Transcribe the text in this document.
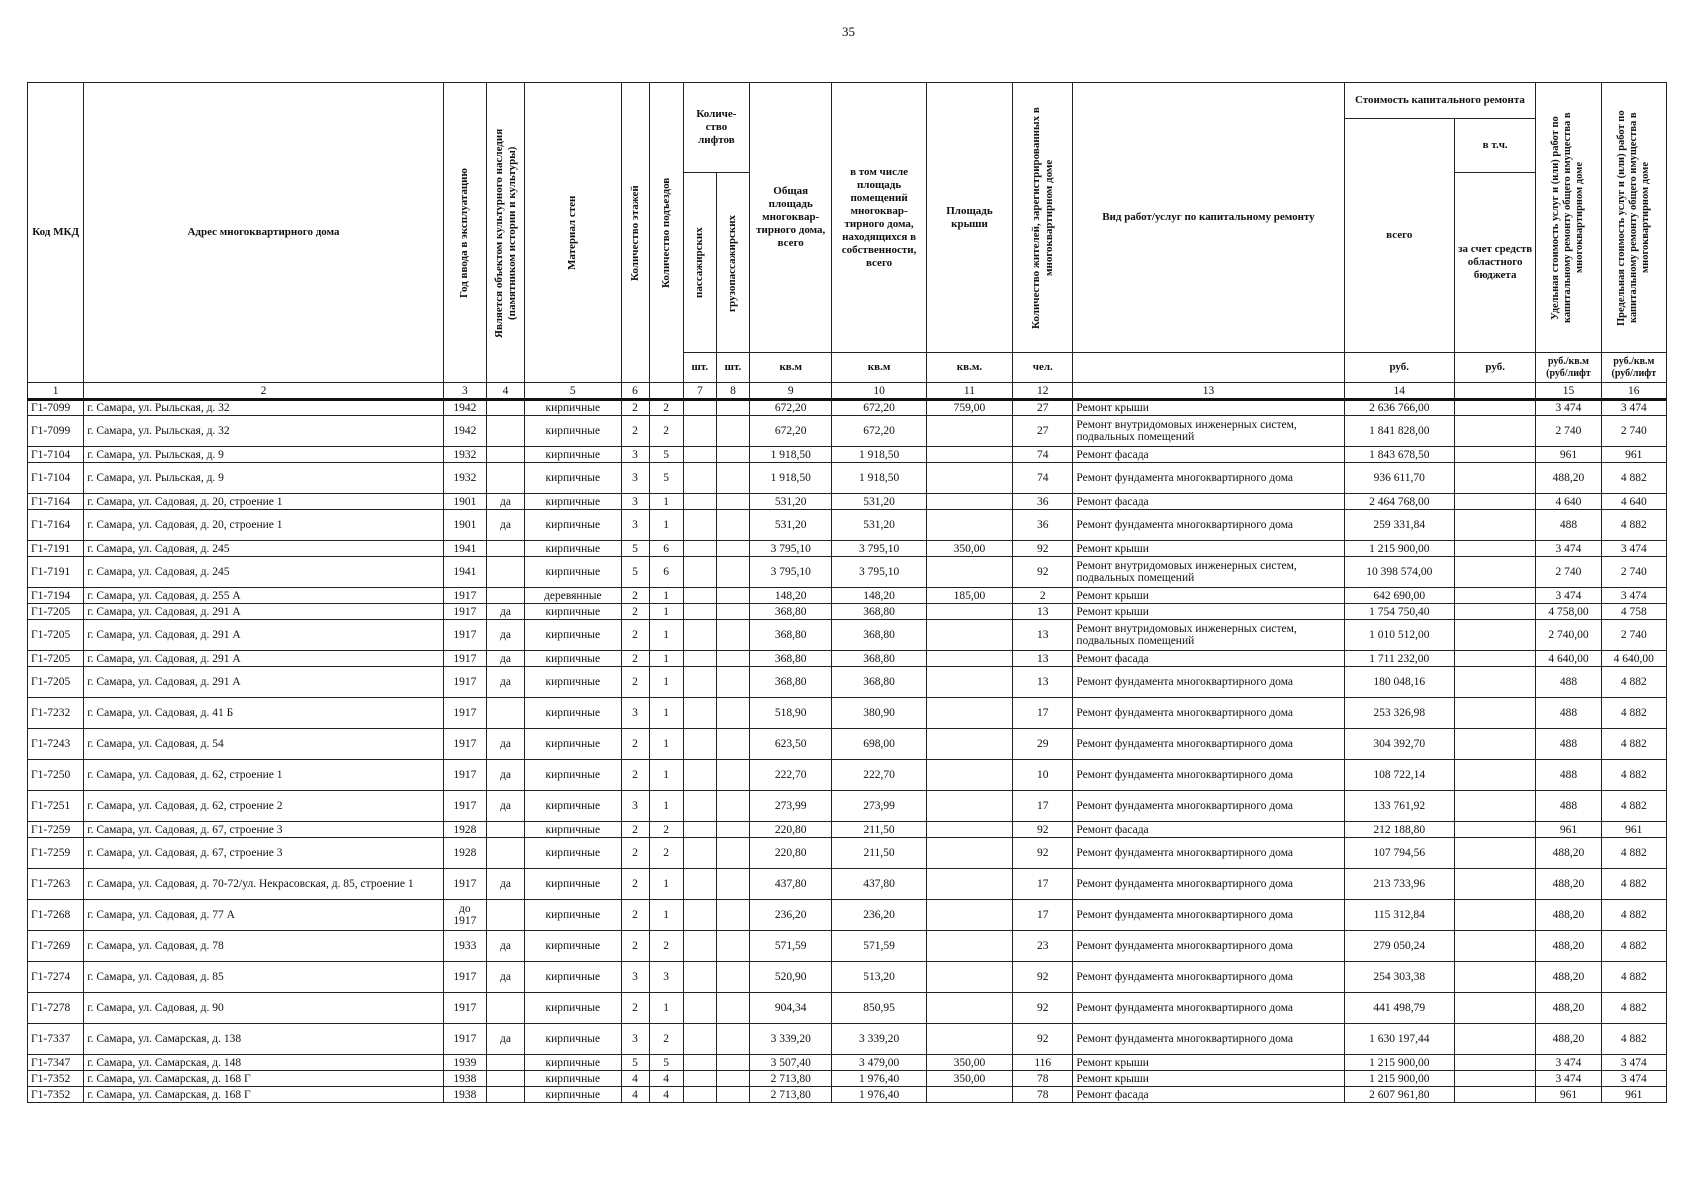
35
Код МКД	Адрес многоквартирного дома	Год ввода в эксплуатацию	Является объектом культурного наследия (памятником истории и культуры)	Материал стен	Количество этажей	Количество подъездов	Количе-ство лифтов		Общая площадь многоквар-тирного дома, всего	в том числе площадь помещений многоквар-тирного дома, находящихся в собственности, всего	Площадь крыши	Количество жителей, зарегистрированных в многоквартирном доме	Вид работ/услуг по капитальному ремонту	Стоимость капитального ремонта		Удельная стоимость услуг и (или) работ по капитальному ремонту общего имущества в многоквартирном доме	Предельная стоимость услуг и (или) работ по капитальному ремонту общего имущества в многоквартирном доме

														всего	в т.ч.		

							пассажирских	грузопассажирских							за счет средств областного бюджета		
							шт.	шт.	кв.м	кв.м	кв.м.	чел.		руб.	руб.	руб./кв.м (руб/лифт	руб./кв.м (руб/лифт
1	2	3	4	5	6		7	8	9	10	11	12	13	14		15	16
Г1-7099	г. Самара, ул. Рыльская, д. 32	1942		кирпичные	2	2			672,20	672,20	759,00	27	Ремонт крыши	2 636 766,00		3 474	3 474
Г1-7099	г. Самара, ул. Рыльская, д. 32	1942		кирпичные	2	2			672,20	672,20		27	Ремонт внутридомовых инженерных систем, подвальных помещений	1 841 828,00		2 740	2 740
Г1-7104	г. Самара, ул. Рыльская, д. 9	1932		кирпичные	3	5			1 918,50	1 918,50		74	Ремонт фасада	1 843 678,50		961	961
Г1-7104	г. Самара, ул. Рыльская, д. 9	1932		кирпичные	3	5			1 918,50	1 918,50		74	Ремонт фундамента многоквартирного дома	936 611,70		488,20	4 882
Г1-7164	г. Самара, ул. Садовая, д. 20, строение 1	1901	да	кирпичные	3	1			531,20	531,20		36	Ремонт фасада	2 464 768,00		4 640	4 640
Г1-7164	г. Самара, ул. Садовая, д. 20, строение 1	1901	да	кирпичные	3	1			531,20	531,20		36	Ремонт фундамента многоквартирного дома	259 331,84		488	4 882
Г1-7191	г. Самара, ул. Садовая, д. 245	1941		кирпичные	5	6			3 795,10	3 795,10	350,00	92	Ремонт крыши	1 215 900,00		3 474	3 474
Г1-7191	г. Самара, ул. Садовая, д. 245	1941		кирпичные	5	6			3 795,10	3 795,10		92	Ремонт внутридомовых инженерных систем, подвальных помещений	10 398 574,00		2 740	2 740
Г1-7194	г. Самара, ул. Садовая, д. 255 А	1917		деревянные	2	1			148,20	148,20	185,00	2	Ремонт крыши	642 690,00		3 474	3 474
Г1-7205	г. Самара, ул. Садовая, д. 291 А	1917	да	кирпичные	2	1			368,80	368,80		13	Ремонт крыши	1 754 750,40		4 758,00	4 758
Г1-7205	г. Самара, ул. Садовая, д. 291 А	1917	да	кирпичные	2	1			368,80	368,80		13	Ремонт внутридомовых инженерных систем, подвальных помещений	1 010 512,00		2 740,00	2 740
Г1-7205	г. Самара, ул. Садовая, д. 291 А	1917	да	кирпичные	2	1			368,80	368,80		13	Ремонт фасада	1 711 232,00		4 640,00	4 640,00
Г1-7205	г. Самара, ул. Садовая, д. 291 А	1917	да	кирпичные	2	1			368,80	368,80		13	Ремонт фундамента многоквартирного дома	180 048,16		488	4 882
Г1-7232	г. Самара, ул. Садовая, д. 41 Б	1917		кирпичные	3	1			518,90	380,90		17	Ремонт фундамента многоквартирного дома	253 326,98		488	4 882
Г1-7243	г. Самара, ул. Садовая, д. 54	1917	да	кирпичные	2	1			623,50	698,00		29	Ремонт фундамента многоквартирного дома	304 392,70		488	4 882
Г1-7250	г. Самара, ул. Садовая, д. 62, строение 1	1917	да	кирпичные	2	1			222,70	222,70		10	Ремонт фундамента многоквартирного дома	108 722,14		488	4 882
Г1-7251	г. Самара, ул. Садовая, д. 62, строение 2	1917	да	кирпичные	3	1			273,99	273,99		17	Ремонт фундамента многоквартирного дома	133 761,92		488	4 882
Г1-7259	г. Самара, ул. Садовая, д. 67, строение 3	1928		кирпичные	2	2			220,80	211,50		92	Ремонт фасада	212 188,80		961	961
Г1-7259	г. Самара, ул. Садовая, д. 67, строение 3	1928		кирпичные	2	2			220,80	211,50		92	Ремонт фундамента многоквартирного дома	107 794,56		488,20	4 882
Г1-7263	г. Самара, ул. Садовая, д. 70-72/ул. Некрасовская, д. 85, строение 1	1917	да	кирпичные	2	1			437,80	437,80		17	Ремонт фундамента многоквартирного дома	213 733,96		488,20	4 882
Г1-7268	г. Самара, ул. Садовая, д. 77 А	до 1917		кирпичные	2	1			236,20	236,20		17	Ремонт фундамента многоквартирного дома	115 312,84		488,20	4 882
Г1-7269	г. Самара, ул. Садовая, д. 78	1933	да	кирпичные	2	2			571,59	571,59		23	Ремонт фундамента многоквартирного дома	279 050,24		488,20	4 882
Г1-7274	г. Самара, ул. Садовая, д. 85	1917	да	кирпичные	3	3			520,90	513,20		92	Ремонт фундамента многоквартирного дома	254 303,38		488,20	4 882
Г1-7278	г. Самара, ул. Садовая, д. 90	1917		кирпичные	2	1			904,34	850,95		92	Ремонт фундамента многоквартирного дома	441 498,79		488,20	4 882
Г1-7337	г. Самара, ул. Самарская, д. 138	1917	да	кирпичные	3	2			3 339,20	3 339,20		92	Ремонт фундамента многоквартирного дома	1 630 197,44		488,20	4 882
Г1-7347	г. Самара, ул. Самарская, д. 148	1939		кирпичные	5	5			3 507,40	3 479,00	350,00	116	Ремонт крыши	1 215 900,00		3 474	3 474
Г1-7352	г. Самара, ул. Самарская, д. 168 Г	1938		кирпичные	4	4			2 713,80	1 976,40	350,00	78	Ремонт крыши	1 215 900,00		3 474	3 474
Г1-7352	г. Самара, ул. Самарская, д. 168 Г	1938		кирпичные	4	4			2 713,80	1 976,40		78	Ремонт фасада	2 607 961,80		961	961
